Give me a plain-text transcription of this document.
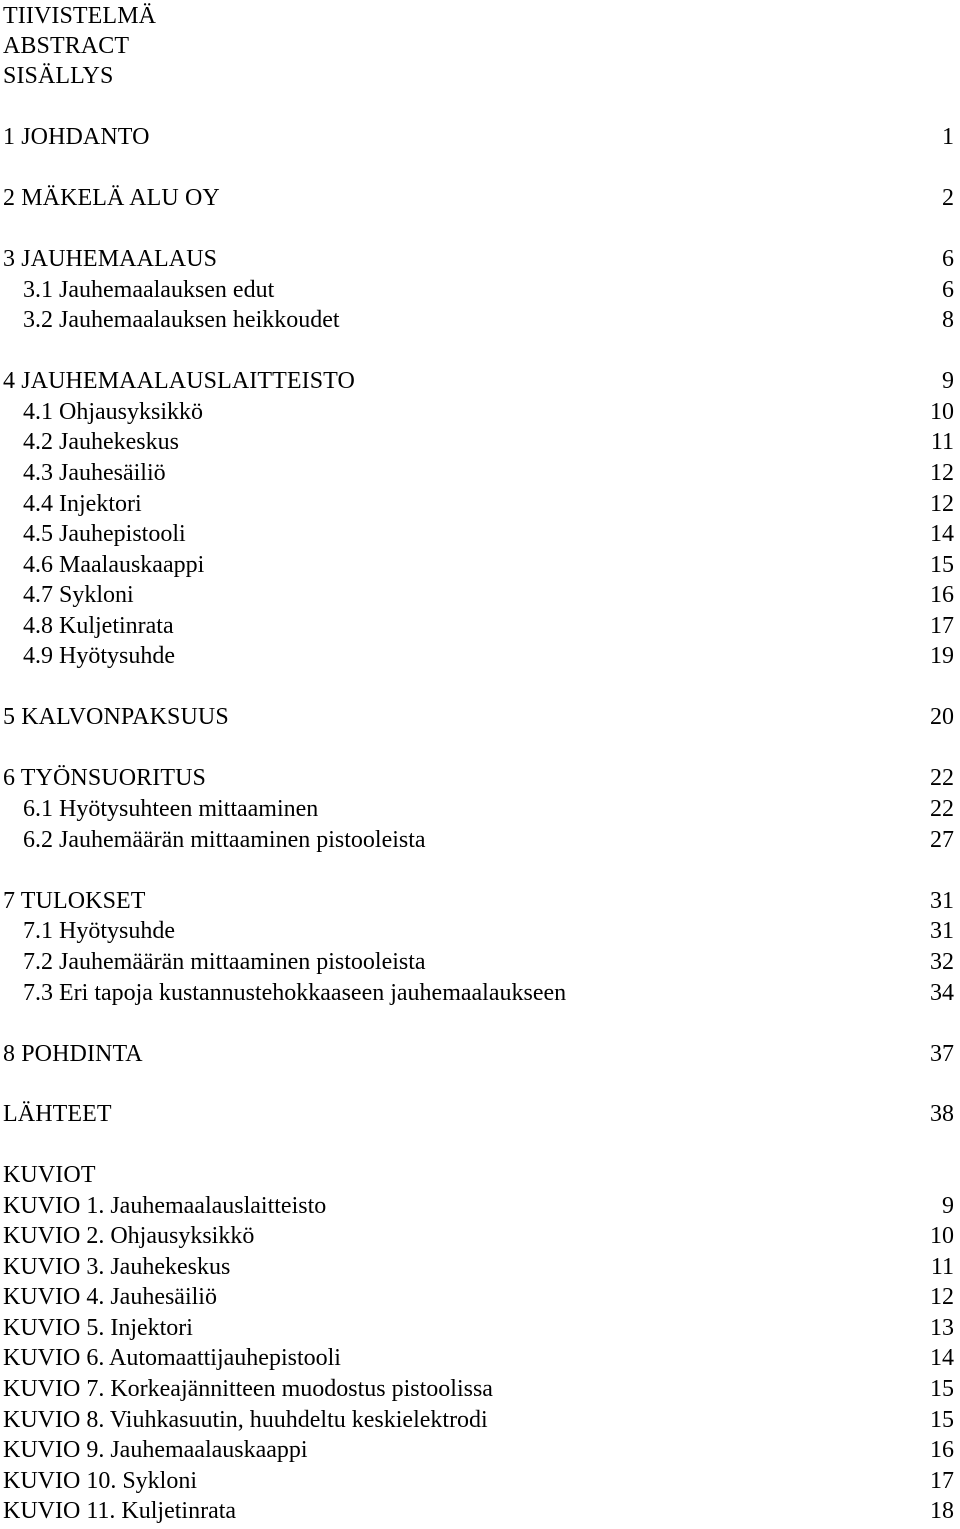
TIIVISTELMÄ
ABSTRACT
SISÄLLYS
1 JOHDANTO	1
2 MÄKELÄ ALU OY	2
3 JAUHEMAALAUS	6
3.1 Jauhemaalauksen edut	6
3.2 Jauhemaalauksen heikkoudet	8
4 JAUHEMAALAUSLAITTEISTO	9
4.1 Ohjausyksikkö	10
4.2 Jauhekeskus	11
4.3 Jauhesäiliö	12
4.4 Injektori	12
4.5 Jauhepistooli	14
4.6 Maalauskaappi	15
4.7 Sykloni	16
4.8 Kuljetinrata	17
4.9 Hyötysuhde	19
5 KALVONPAKSUUS	20
6 TYÖNSUORITUS	22
6.1 Hyötysuhteen mittaaminen	22
6.2 Jauhemäärän mittaaminen pistooleista	27
7 TULOKSET	31
7.1 Hyötysuhde	31
7.2 Jauhemäärän mittaaminen pistooleista	32
7.3 Eri tapoja kustannustehokkaaseen jauhemaalaukseen	34
8 POHDINTA	37
LÄHTEET	38
KUVIOT
KUVIO 1. Jauhemaalauslaitteisto	9
KUVIO 2. Ohjausyksikkö	10
KUVIO 3. Jauhekeskus	11
KUVIO 4. Jauhesäiliö	12
KUVIO 5. Injektori	13
KUVIO 6. Automaattijauhepistooli	14
KUVIO 7. Korkeajännitteen muodostus pistoolissa	15
KUVIO 8. Viuhkasuutin, huuhdeltu keskielektrodi	15
KUVIO 9. Jauhemaalauskaappi	16
KUVIO 10. Sykloni	17
KUVIO 11. Kuljetinrata	18
